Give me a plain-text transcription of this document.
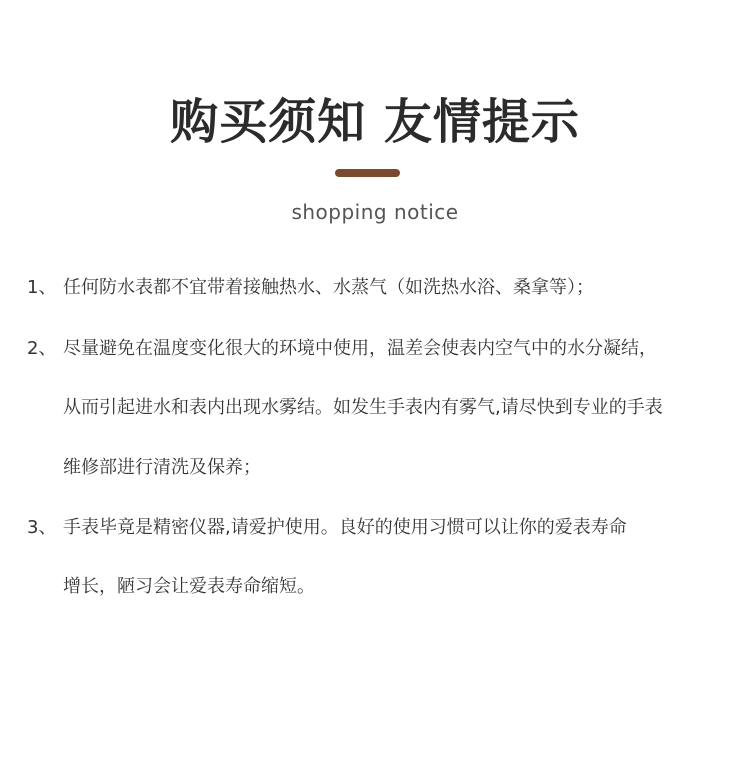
购买须知 友情提示
shopping notice
1、 任何防水表都不宜带着接触热水、水蒸气（如洗热水浴、桑拿等）；
2、 尽量避免在温度变化很大的环境中使用，温差会使表内空气中的水分凝结，
从而引起进水和表内出现水雾结。如发生手表内有雾气,请尽快到专业的手表
维修部进行清洗及保养；
3、 手表毕竟是精密仪器,请爱护使用。良好的使用习惯可以让你的爱表寿命
增长，陋习会让爱表寿命缩短。
